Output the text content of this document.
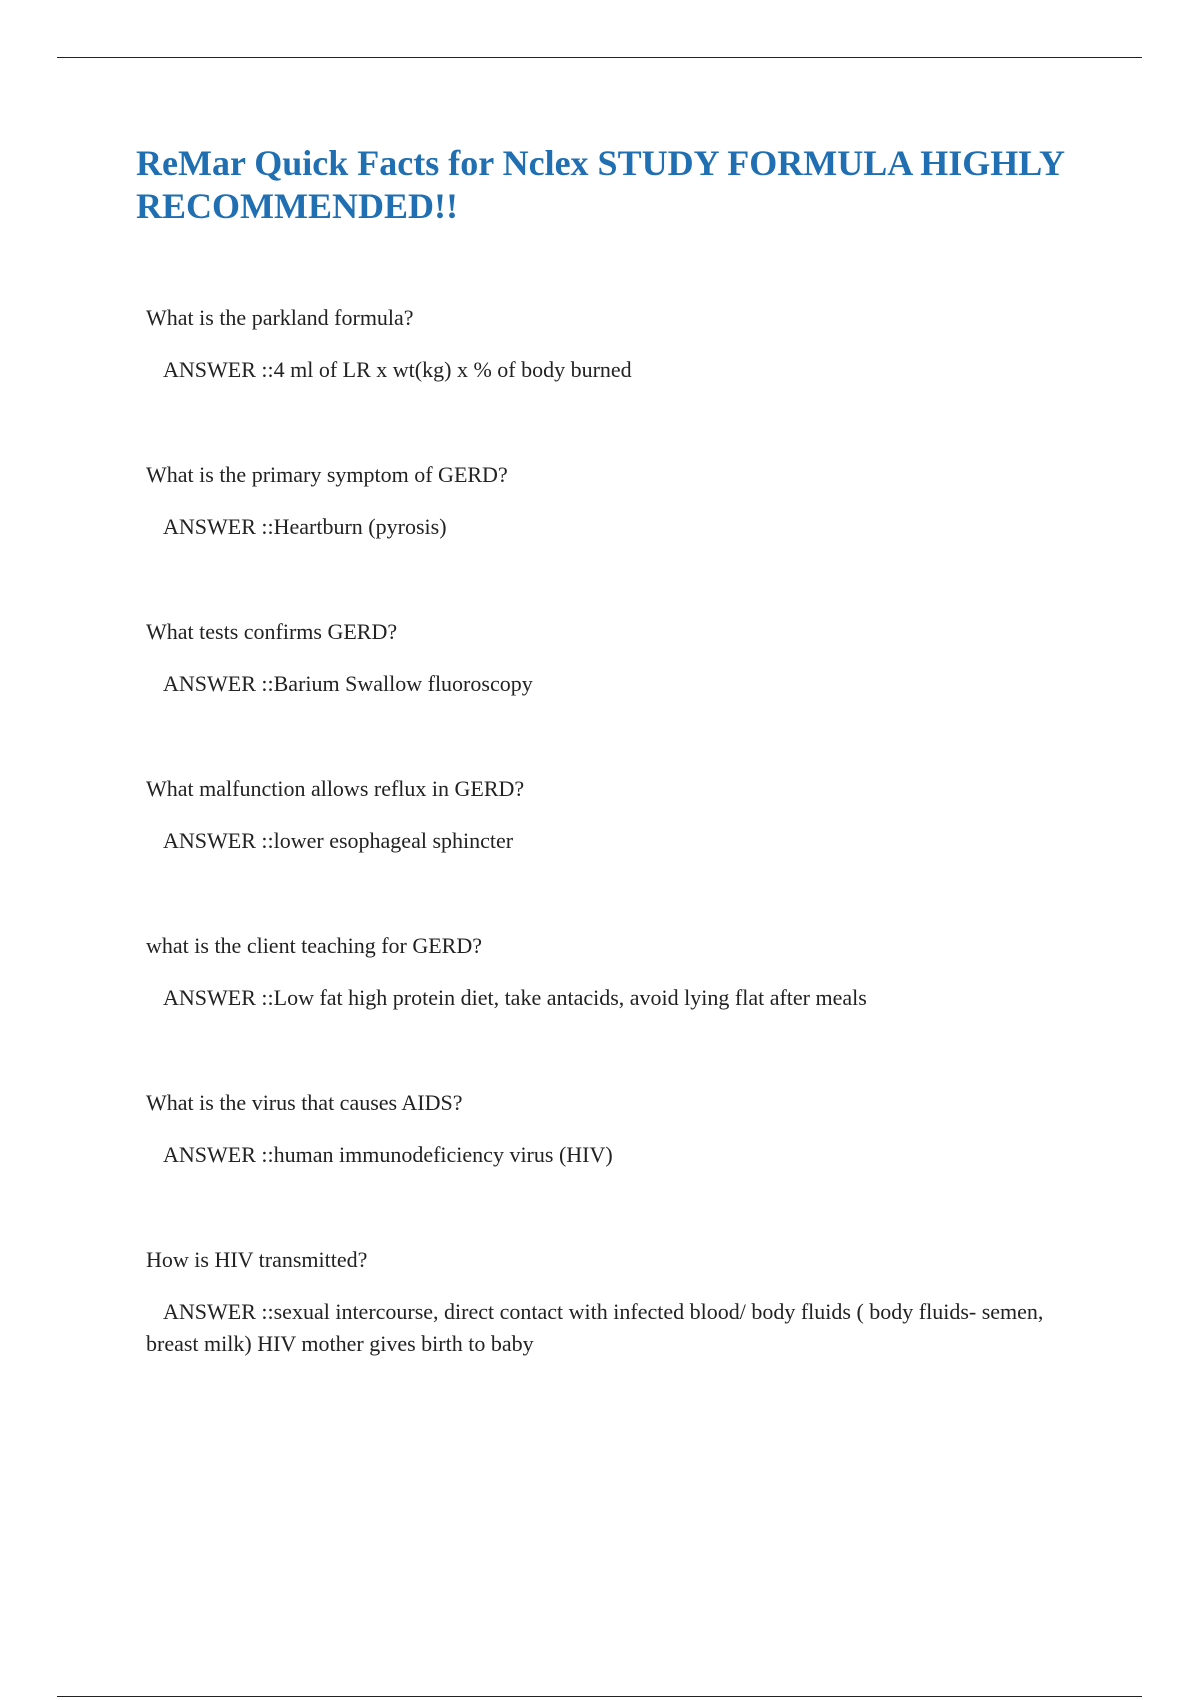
ReMar Quick Facts for Nclex STUDY FORMULA HIGHLY RECOMMENDED!!

What is the parkland formula?

ANSWER ::4 ml of LR x wt(kg) x % of body burned

What is the primary symptom of GERD?

ANSWER ::Heartburn (pyrosis)

What tests confirms GERD?

ANSWER ::Barium Swallow fluoroscopy

What malfunction allows reflux in GERD?

ANSWER ::lower esophageal sphincter

what is the client teaching for GERD?

ANSWER ::Low fat high protein diet, take antacids, avoid lying flat after meals

What is the virus that causes AIDS?

ANSWER ::human immunodeficiency virus (HIV)

How is HIV transmitted?

ANSWER ::sexual intercourse, direct contact with infected blood/ body fluids ( body fluids- semen, breast milk) HIV mother gives birth to baby
